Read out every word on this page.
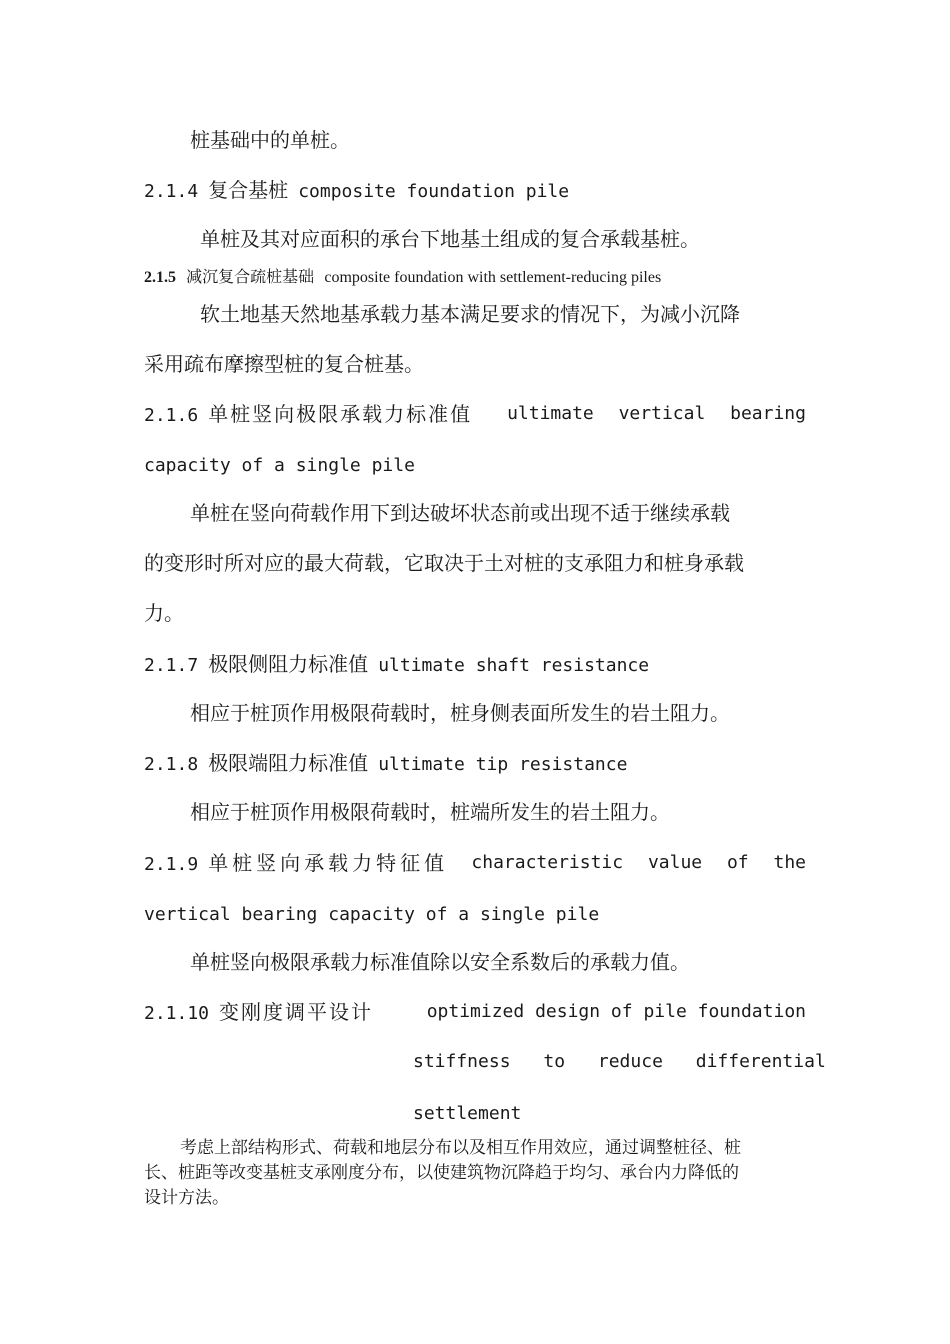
桩基础中的单桩。
2.1.4 复合基桩 composite foundation pile
单桩及其对应面积的承台下地基土组成的复合承载基桩。
2.1.5 减沉复合疏桩基础 composite foundation with settlement-reducing piles
软土地基天然地基承载力基本满足要求的情况下，为减小沉降
采用疏布摩擦型桩的复合桩基。
2.1.6 单桩竖向极限承载力标准值 ultimate vertical bearing
capacity of a single pile
单桩在竖向荷载作用下到达破坏状态前或出现不适于继续承载
的变形时所对应的最大荷载，它取决于土对桩的支承阻力和桩身承载
力。
2.1.7 极限侧阻力标准值 ultimate shaft resistance
相应于桩顶作用极限荷载时，桩身侧表面所发生的岩土阻力。
2.1.8 极限端阻力标准值 ultimate tip resistance
相应于桩顶作用极限荷载时，桩端所发生的岩土阻力。
2.1.9 单桩竖向承载力特征值 characteristic value of the
vertical bearing capacity of a single pile
单桩竖向极限承载力标准值除以安全系数后的承载力值。
2.1.10 变刚度调平设计	optimized design of pile foundation
stiffness to reduce differential
settlement
考虑上部结构形式、荷载和地层分布以及相互作用效应，通过调整桩径、桩
长、桩距等改变基桩支承刚度分布，以使建筑物沉降趋于均匀、承台内力降低的
设计方法。
